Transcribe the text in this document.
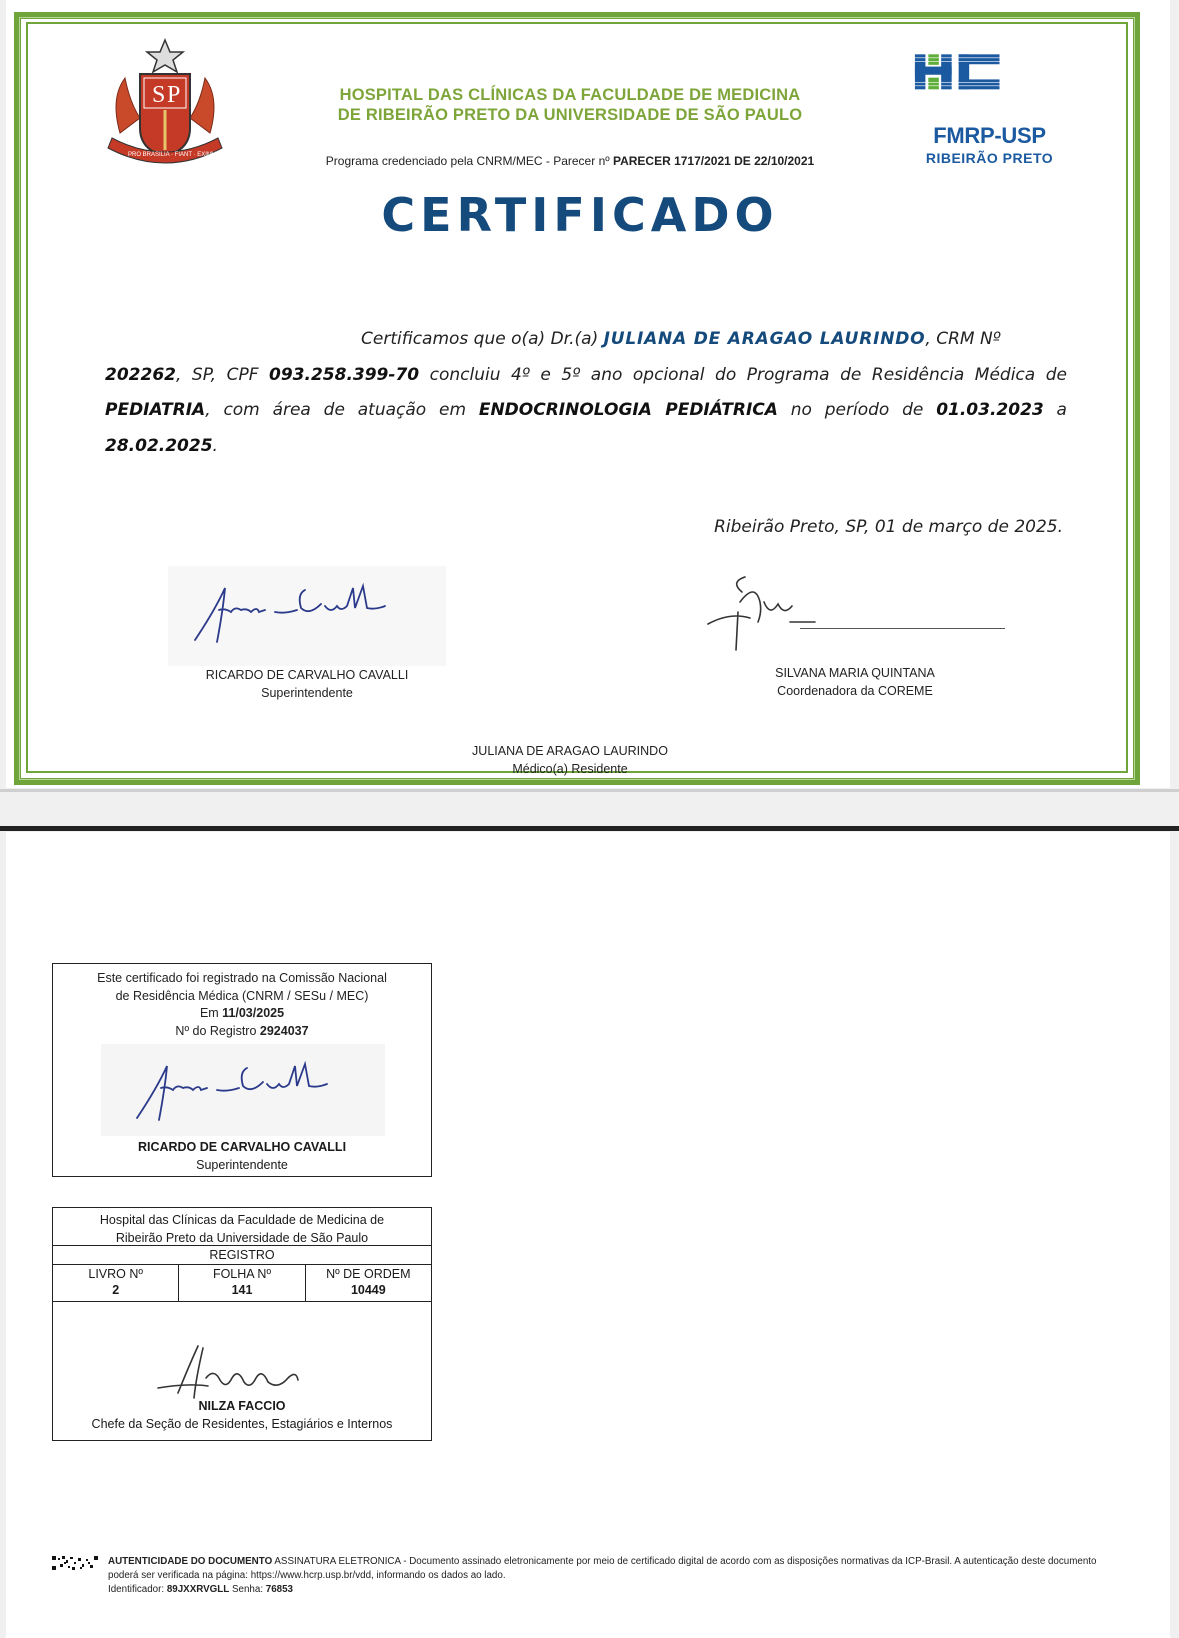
S P
PRO BRASILIA · FIANT · EXIMIA
HOSPITAL DAS CLÍNICAS DA FACULDADE DE MEDICINA
DE RIBEIRÃO PRETO DA UNIVERSIDADE DE SÃO PAULO
Programa credenciado pela CNRM/MEC - Parecer nº PARECER 1717/2021 DE 22/10/2021
FMRP-USP
RIBEIRÃO PRETO
CERTIFICADO
Certificamos que o(a) Dr.(a) JULIANA DE ARAGAO LAURINDO, CRM Nº
202262, SP, CPF 093.258.399-70 concluiu 4º e 5º ano opcional do Programa de Residência Médica de PEDIATRIA, com área de atuação em ENDOCRINOLOGIA PEDIÁTRICA no período de 01.03.2023 a 28.02.2025.
Ribeirão Preto, SP, 01 de março de 2025.
RICARDO DE CARVALHO CAVALLI
Superintendente
SILVANA MARIA QUINTANA
Coordenadora da COREME
JULIANA DE ARAGAO LAURINDO
Médico(a) Residente
Este certificado foi registrado na Comissão Nacional
de Residência Médica (CNRM / SESu / MEC)
Em 11/03/2025
Nº do Registro 2924037
RICARDO DE CARVALHO CAVALLI
Superintendente
Hospital das Clínicas da Faculdade de Medicina de
Ribeirão Preto da Universidade de São Paulo
REGISTRO
LIVRO Nº
2
FOLHA Nº
141
Nº DE ORDEM
10449
NILZA FACCIO
Chefe da Seção de Residentes, Estagiários e Internos
AUTENTICIDADE DO DOCUMENTO ASSINATURA ELETRONICA - Documento assinado eletronicamente por meio de certificado digital de acordo com as disposições normativas da ICP-Brasil. A autenticação deste documento poderá ser verificada na página: https://www.hcrp.usp.br/vdd, informando os dados ao lado.
Identificador: 89JXXRVGLL Senha: 76853
